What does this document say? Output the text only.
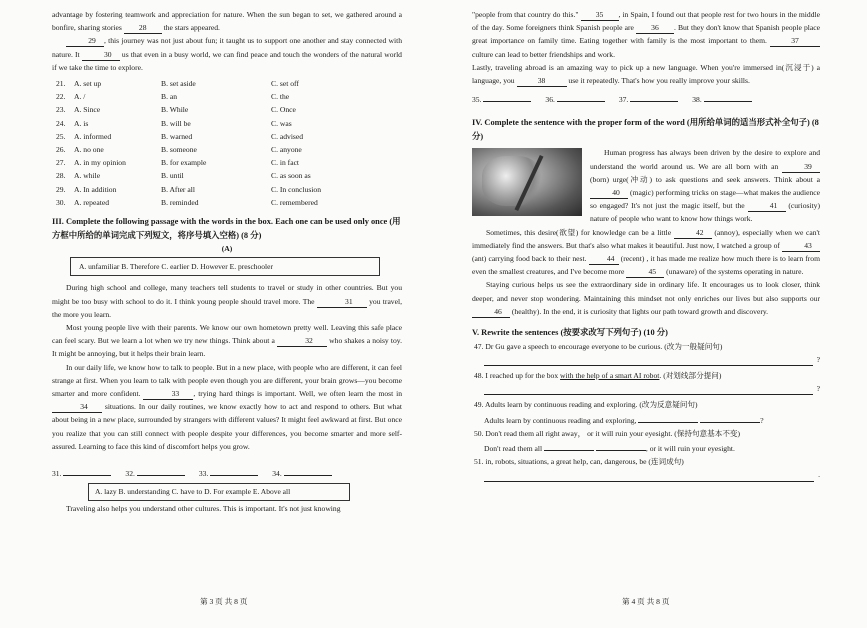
advantage by fostering teamwork and appreciation for nature. When the sun began to set, we gathered around a bonfire, sharing stories 28 the stars appeared.

29 , this journey was not just about fun; it taught us to support one another and stay connected with nature. It	30 us that even in a busy world, we can find peace and touch the wonders of the natural world if we take the time to explore.

21. A. set up	B. set aside	C. set off
22. A. /	B. an	C. the
23. A. Since	B. While	C. Once
24. A. is	B. will be	C. was
25. A. informed	B. warned	C. advised
26. A. no one	B. someone	C. anyone
27. A. in my opinion	B. for example	C. in fact
28. A. while	B. until	C. as soon as
29. A. In addition	B. After all	C. In conclusion
30. A. repeated	B. reminded	C. remembered
III. Complete the following passage with the words in the box. Each one can be used only once (用方框中所给的单词完成下列短文，将序号填入空格) (8 分)
(A)
A. unfamiliar B. Therefore C. earlier D. However E. preschooler

During high school and college, many teachers tell students to travel or study in other countries. But you might be too busy with school to do it. I think young people should travel more. The	31 you travel, the more you learn.

Most young people live with their parents. We know our own hometown pretty well. Leaving this safe place can feel scary. But we learn a lot when we try new things. Think about a	32 who shakes a noisy toy. It might be annoying, but it helps their brain learn.

In our daily life, we know how to talk to people. But in a new place, with people who are different, it can feel strange at first. When you learn to talk with people even though you are different, your brain grows—you become smarter and more confident.	33 , trying hard things is important. Well, we often learn the most in 34 situations. In our daily routines, we know exactly how to act and respond to others. But what about being in a new place, surrounded by strangers with different values? It might feel awkward at first. But once you realize that you can still connect with people despite your differences, you become smarter and more self-assured. Learning to face this kind of discomfort helps you grow.

31.	32.	33.	34.
A. lazy B. understanding C. have to D. For example E. Above all

Traveling also helps you understand other cultures. This is important. It's not just knowing

第 3 页 共 8 页

"people from that country do this." 35 , in Spain, I found out that people rest for two hours in the middle of the day. Some foreigners think Spanish people are 36 . But they don't know that Spanish people place great importance on family time. Eating together with family is the most important to them.	37 culture can lead to better friendships and work.

Lastly, traveling abroad is an amazing way to pick up a new language. When you're immersed in(沉浸于) a language, you	38	use it repeatedly. That's how you really improve your skills.

35.	36.	37.	38.
IV. Complete the sentence with the proper form of the word (用所给单词的适当形式补全句子) (8 分)

Human progress has always been driven by the desire to explore and understand the world around us. We are all born with an	39 (born) urge(冲动) to ask questions and seek answers. Think about a 40 (magic) performing tricks on stage—what makes the audience so engaged? It's not just the magic itself, but the	41 (curiosity) nature of people who want to know how things work.

Sometimes, this desire(欲望) for knowledge can be a little	42 (annoy), especially when we can't immediately find the answers. But that's also what makes it beautiful. Just now, I watched a group of	43 (ant) carrying food back to their nest.	44 (recent) , it has made me realize how much there is to learn from even the smallest creatures, and I've become more	45 (unaware) of the systems operating in nature.

Staying curious helps us see the extraordinary side in ordinary life. It encourages us to look closer, think deeper, and never stop wondering. Maintaining this mindset not only enriches our lives but also supports our 46 (healthy). In the end, it is curiosity that lights our path toward growth and discovery.

V. Rewrite the sentences (按要求改写下列句子) (10 分)
47. Dr Gu gave a speech to encourage everyone to be curious. (改为一般疑问句)
?
48. I reached up for the box with the help of a smart AI robot. (对划线部分提问)
?
49. Adults learn by continuous reading and exploring. (改为反意疑问句)
Adults learn by continuous reading and exploring,	?
50. Don't read them all right away， or it will ruin your eyesight. (保持句意基本不变)
Don't read them all	, or it will ruin your eyesight.
51. in, robots, situations, a great help, can, dangerous, be (连词成句)
.
第 4 页 共 8 页
